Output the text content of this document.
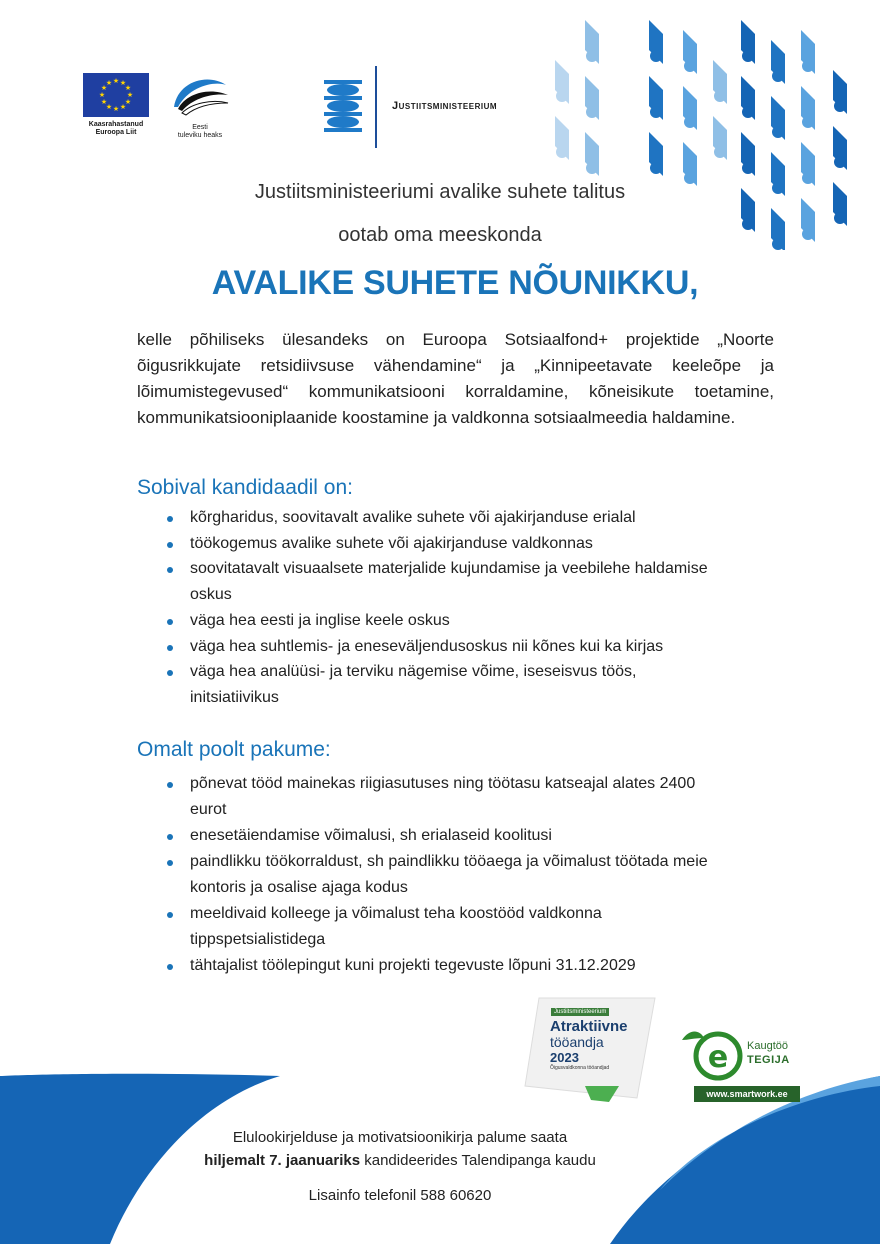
★ ★
★
★
★
★
★
★
★
★
★
★
Kaasrahastanud
Euroopa Liit
Eesti
tuleviku heaks
Justiitsministeerium
Justiitsministeeriumi avalike suhete talitus
ootab oma meeskonda
AVALIKE SUHETE NÕUNIKKU,
kelle põhiliseks ülesandeks on Euroopa Sotsiaalfond+ projektide „Noorte õigusrikkujate retsidiivsuse vähendamine“ ja „Kinnipeetavate keeleõpe ja lõimumistegevused“ kommunikatsiooni korraldamine, kõneisikute toetamine, kommunikatsiooniplaanide koostamine ja valdkonna sotsiaalmeedia haldamine.
Sobival kandidaadil on:
kõrgharidus, soovitavalt avalike suhete või ajakirjanduse erialal
töökogemus avalike suhete või ajakirjanduse valdkonnas
soovitatavalt visuaalsete materjalide kujundamise ja veebilehe haldamise oskus
väga hea eesti ja inglise keele oskus
väga hea suhtlemis- ja eneseväljendusoskus nii kõnes kui ka kirjas
väga hea analüüsi- ja terviku nägemise võime, iseseisvus töös, initsiatiivikus
Omalt poolt pakume:
põnevat tööd mainekas riigiasutuses ning töötasu katseajal alates 2400 eurot
enesetäiendamise võimalusi, sh erialaseid koolitusi
paindlikku töökorraldust, sh paindlikku tööaega ja võimalust töötada meie kontoris ja osalise ajaga kodus
meeldivaid kolleege ja võimalust teha koostööd valdkonna tippspetsialistidega
tähtajalist töölepingut kuni projekti tegevuste lõpuni 31.12.2029
Justiitsministeerium
Atraktiivne
tööandja
2023
Õigusvaldkonna tööandjad	e Kaugtöö
TEGIJA
www.smartwork.ee
Elulookirjelduse ja motivatsioonikirja palume saata
hiljemalt 7. jaanuariks kandideerides Talendipanga kaudu
Lisainfo telefonil 588 60620
